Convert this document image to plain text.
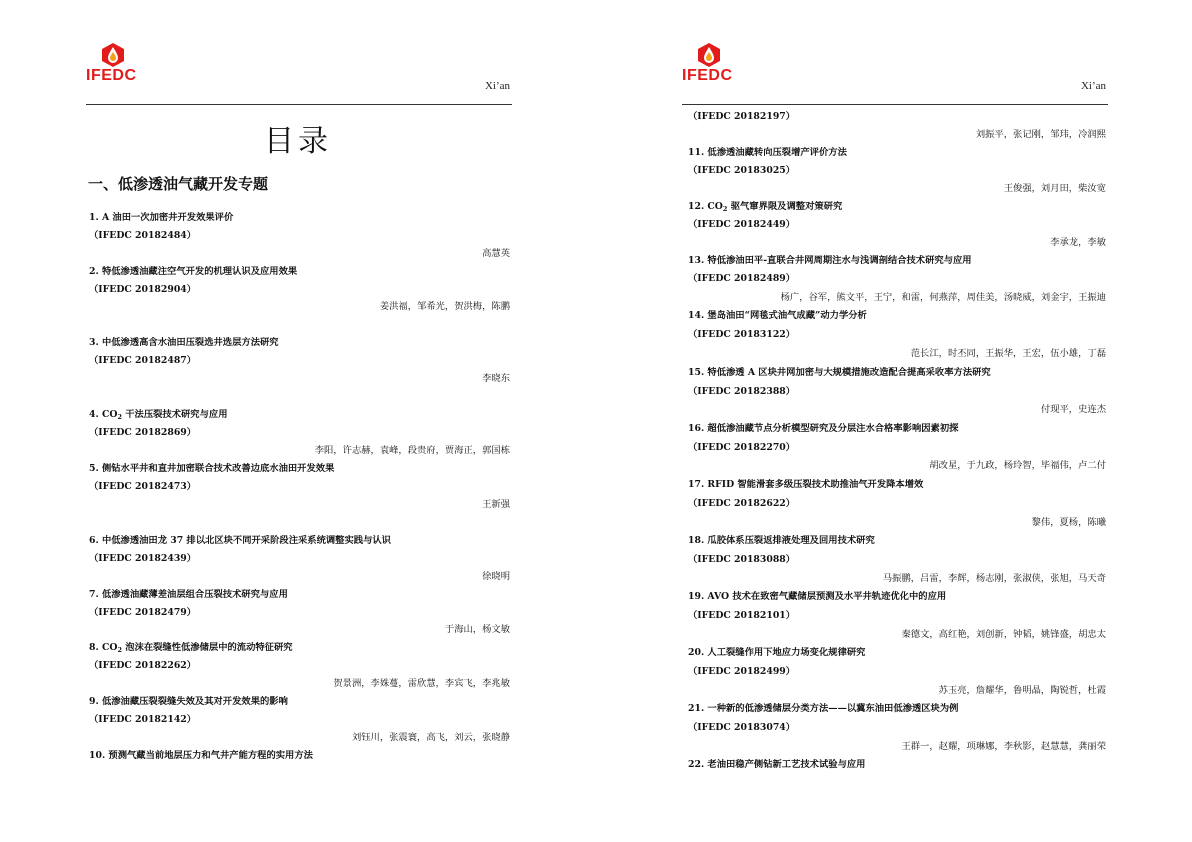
IFEDC
Xi’an
目录
一、低渗透油气藏开发专题
1. A 油田一次加密井开发效果评价
（IFEDC 20182484）
高慧英
2. 特低渗透油藏注空气开发的机理认识及应用效果
（IFEDC 20182904）
姜洪福，邹希光，贺洪梅，陈鹏
3. 中低渗透高含水油田压裂选井选层方法研究
（IFEDC 20182487）
李晓东
4. $CO_2$ 干法压裂技术研究与应用
（IFEDC 20182869）
李阳，许志赫，袁峰，段贵府，贾海正，郭国栋
5. 侧钻水平井和直井加密联合技术改善边底水油田开发效果
（IFEDC 20182473）
王新强
6. 中低渗透油田龙 37 排以北区块不同开采阶段注采系统调整实践与认识
（IFEDC 20182439）
徐晓明
7. 低渗透油藏薄差油层组合压裂技术研究与应用
（IFEDC 20182479）
于海山，杨文敏
8. $CO_2$ 泡沫在裂缝性低渗储层中的流动特征研究
（IFEDC 20182262）
贺景洲，李姝蔓，雷欣慧，李宾飞，李兆敏
9. 低渗油藏压裂裂缝失效及其对开发效果的影响
（IFEDC 20182142）
刘钰川，张震寰，高飞，刘云，张晓静
10. 预测气藏当前地层压力和气井产能方程的实用方法
IFEDC
Xi’an
（IFEDC 20182197）
刘振平，张记刚，邹玮，冷润熙
11. 低渗透油藏转向压裂增产评价方法
（IFEDC 20183025）
王俊强，刘月田，柴汝宽
12. $CO_2$ 驱气窜界限及调整对策研究
（IFEDC 20182449）
李承龙，李敏
13. 特低渗油田平-直联合井网周期注水与浅调剖结合技术研究与应用
（IFEDC 20182489）
杨广，谷军，熊文平，王宁，和雷，何燕萍，周佳美，汤晓威，刘金宇，王振迪
14. 堡岛油田“网毯式油气成藏”动力学分析
（IFEDC 20183122）
范长江，时丕同，王振华，王宏，伍小雄，丁磊
15. 特低渗透 A 区块井网加密与大规模措施改造配合提高采收率方法研究
（IFEDC 20182388）
付现平，史连杰
16. 超低渗油藏节点分析模型研究及分层注水合格率影响因素初探
（IFEDC 20182270）
胡改星，于九政，杨玲智，毕福伟，卢二付
17. RFID 智能滑套多级压裂技术助推油气开发降本增效
（IFEDC 20182622）
黎伟，夏杨，陈曦
18. 瓜胶体系压裂返排液处理及回用技术研究
（IFEDC 20183088）
马振鹏，吕雷，李辉，杨志刚，张淑侠，张旭，马天奇
19. AVO 技术在致密气藏储层预测及水平井轨迹优化中的应用
（IFEDC 20182101）
秦德文，高红艳，刘创新，钟韬，姚锋盛，胡忠太
20. 人工裂缝作用下地应力场变化规律研究
（IFEDC 20182499）
苏玉亮，詹耀华，鲁明晶，陶锐哲，杜霞
21. 一种新的低渗透储层分类方法——以冀东油田低渗透区块为例
（IFEDC 20183074）
王群一，赵耀，项琳娜，李秋影，赵慧慧，龚丽荣
22. 老油田稳产侧钻新工艺技术试验与应用
